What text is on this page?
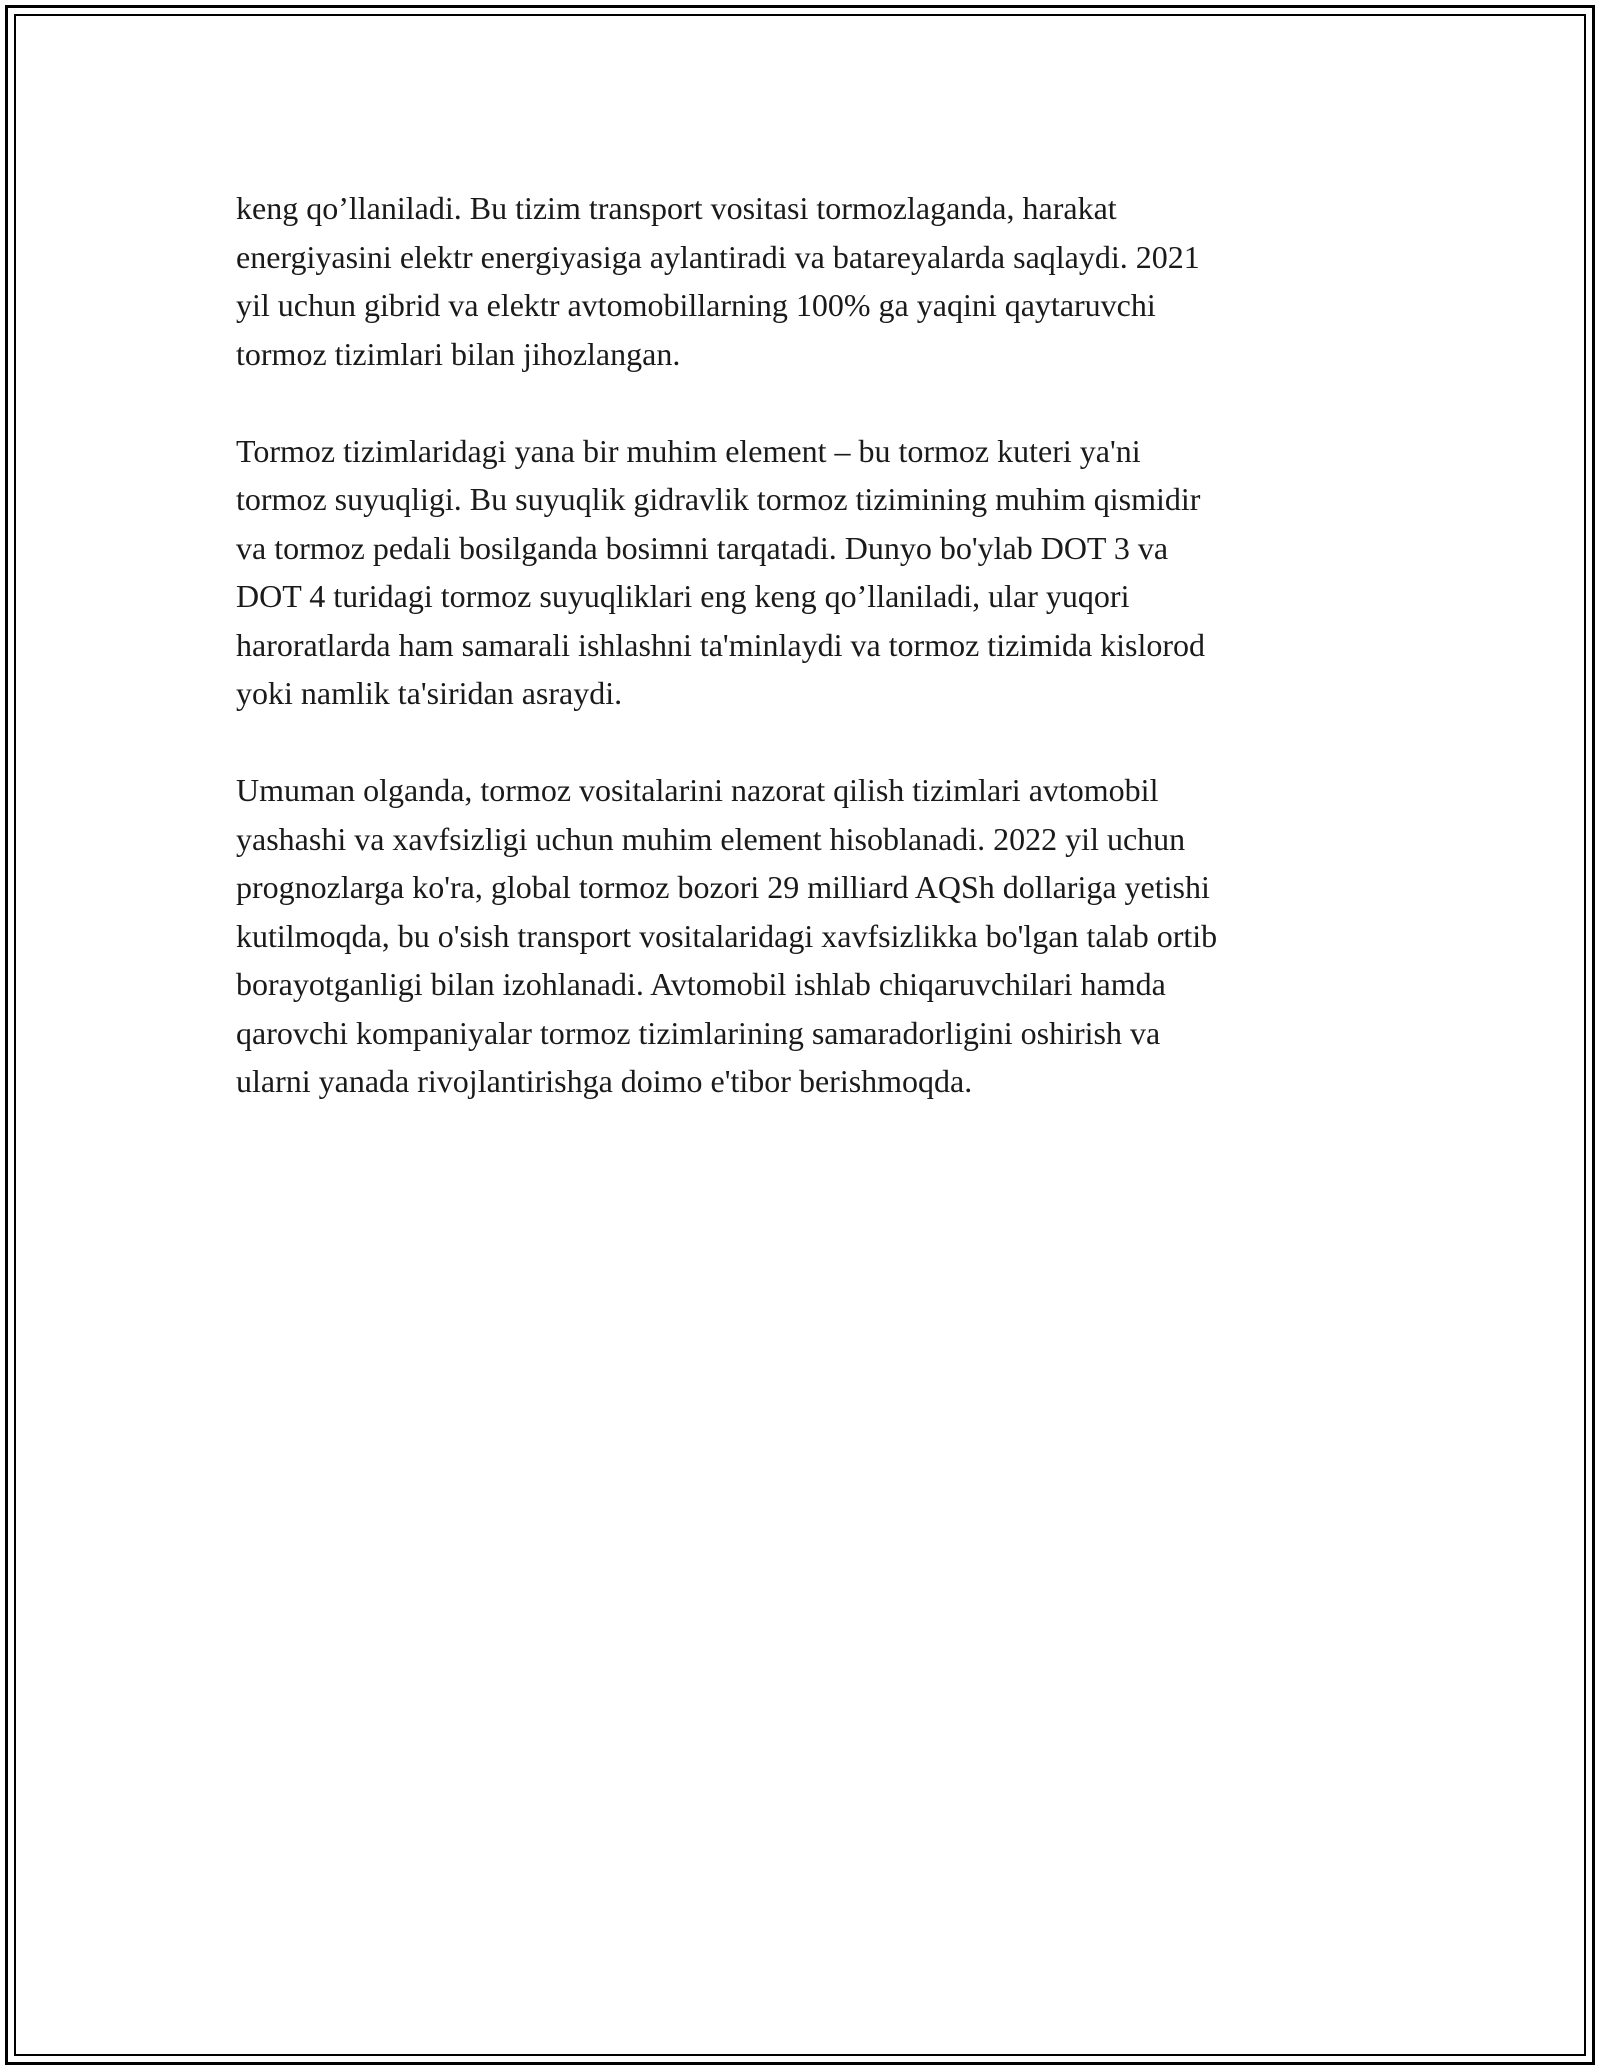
keng qo’llaniladi. Bu tizim transport vositasi tormozlaganda, harakat
energiyasini elektr energiyasiga aylantiradi va batareyalarda saqlaydi. 2021
yil uchun gibrid va elektr avtomobillarning 100% ga yaqini qaytaruvchi
tormoz tizimlari bilan jihozlangan.

Tormoz tizimlaridagi yana bir muhim element – bu tormoz kuteri ya'ni
tormoz suyuqligi. Bu suyuqlik gidravlik tormoz tizimining muhim qismidir
va tormoz pedali bosilganda bosimni tarqatadi. Dunyo bo'ylab DOT 3 va
DOT 4 turidagi tormoz suyuqliklari eng keng qo’llaniladi, ular yuqori
haroratlarda ham samarali ishlashni ta'minlaydi va tormoz tizimida kislorod
yoki namlik ta'siridan asraydi.

Umuman olganda, tormoz vositalarini nazorat qilish tizimlari avtomobil
yashashi va xavfsizligi uchun muhim element hisoblanadi. 2022 yil uchun
prognozlarga ko'ra, global tormoz bozori 29 milliard AQSh dollariga yetishi
kutilmoqda, bu o'sish transport vositalaridagi xavfsizlikka bo'lgan talab ortib
borayotganligi bilan izohlanadi. Avtomobil ishlab chiqaruvchilari hamda
qarovchi kompaniyalar tormoz tizimlarining samaradorligini oshirish va
ularni yanada rivojlantirishga doimo e'tibor berishmoqda.
